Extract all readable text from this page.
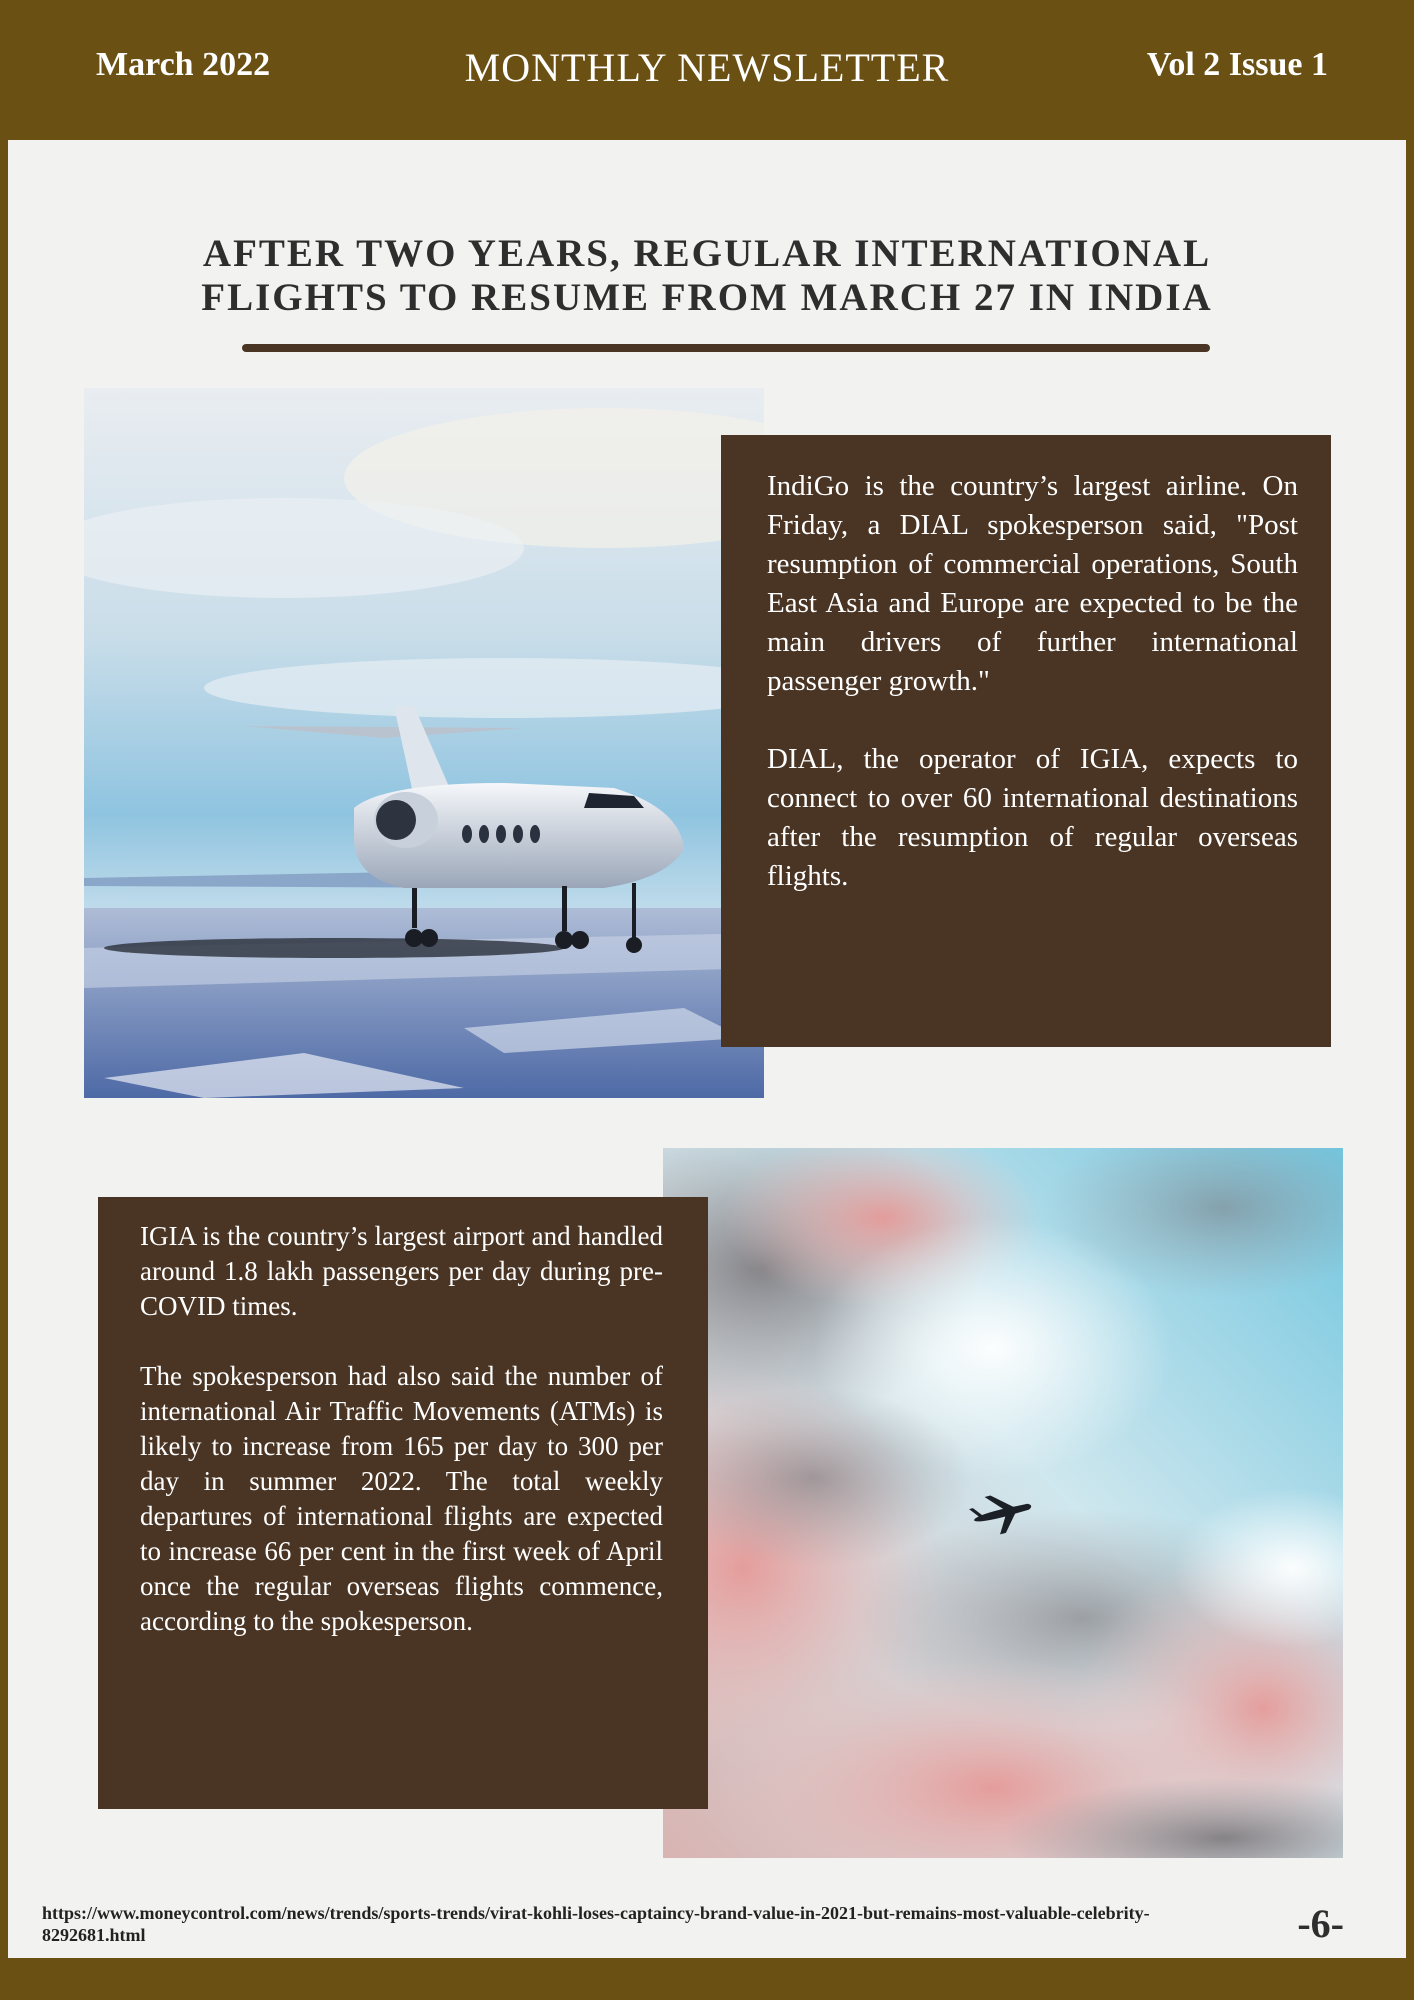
March 2022	MONTHLY NEWSLETTER	Vol 2 Issue 1
AFTER TWO YEARS, REGULAR INTERNATIONAL
FLIGHTS TO RESUME FROM MARCH 27 IN INDIA

IndiGo is the country’s largest airline. On Friday, a DIAL spokesperson said, "Post resumption of commercial operations, South East Asia and Europe are expected to be the main drivers of further international passenger growth."

DIAL, the operator of IGIA, expects to connect to over 60 international destinations after the resumption of regular overseas flights.

IGIA is the country’s largest airport and handled around 1.8 lakh passengers per day during pre-COVID times.

The spokesperson had also said the number of international Air Traffic Movements (ATMs) is likely to increase from 165 per day to 300 per day in summer 2022. The total weekly departures of international flights are expected to increase 66 per cent in the first week of April once the regular overseas flights commence, according to the spokesperson.

https://www.moneycontrol.com/news/trends/sports-trends/virat-kohli-loses-captaincy-brand-value-in-2021-but-remains-most-valuable-celebrity-8292681.html	-6-
